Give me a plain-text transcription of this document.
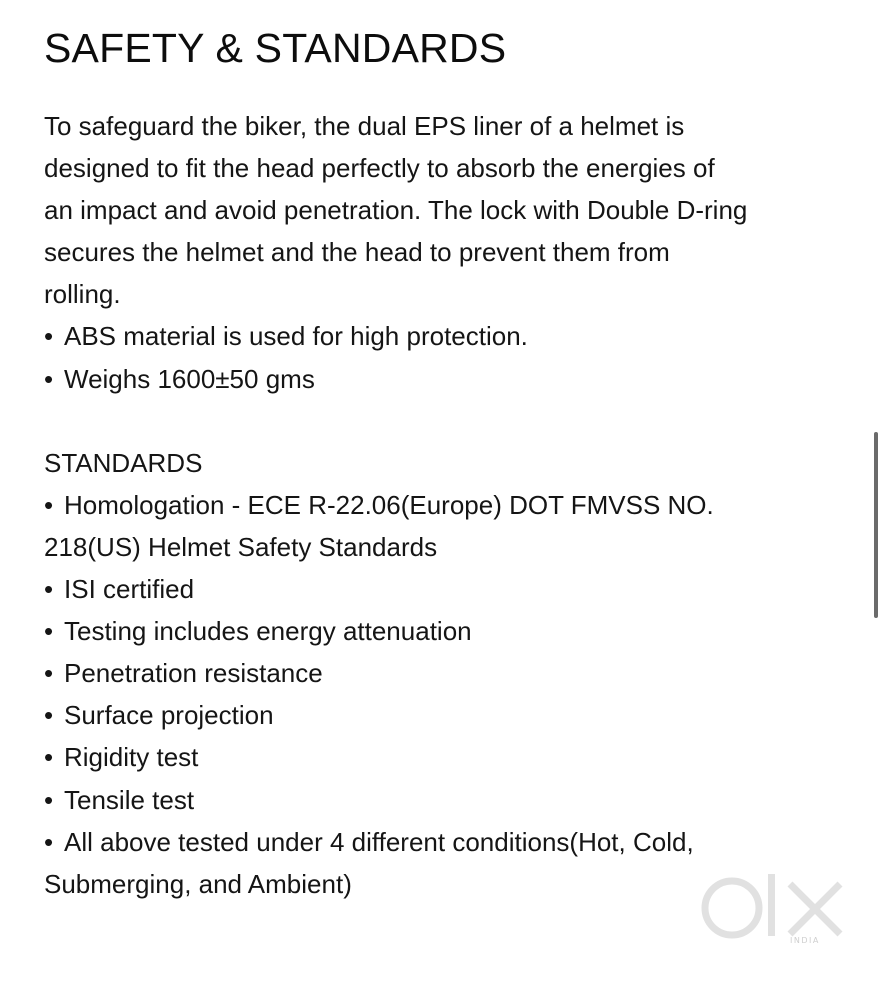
SAFETY & STANDARDS
To safeguard the biker, the dual EPS liner of a helmet is
designed to fit the head perfectly to absorb the energies of
an impact and avoid penetration. The lock with Double D-ring
secures the helmet and the head to prevent them from
rolling.
• ABS material is used for high protection.
• Weighs 1600±50 gms
STANDARDS
• Homologation - ECE R-22.06(Europe) DOT FMVSS NO.
218(US) Helmet Safety Standards
• ISI certified
• Testing includes energy attenuation
• Penetration resistance
• Surface projection
• Rigidity test
• Tensile test
• All above tested under 4 different conditions(Hot, Cold,
Submerging, and Ambient)
INDIA
